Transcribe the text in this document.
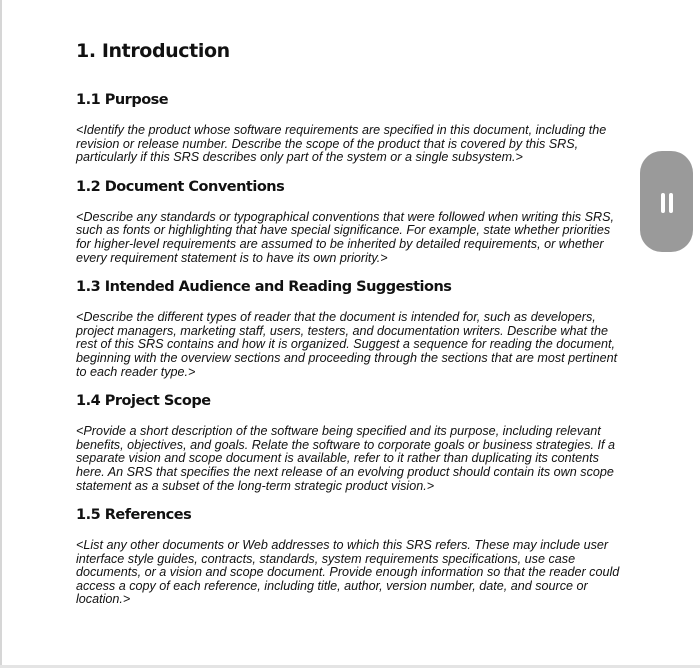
1. Introduction
1.1 Purpose

<Identify the product whose software requirements are specified in this document, including the revision or release number. Describe the scope of the product that is covered by this SRS, particularly if this SRS describes only part of the system or a single subsystem.>

1.2 Document Conventions

<Describe any standards or typographical conventions that were followed when writing this SRS, such as fonts or highlighting that have special significance. For example, state whether priorities for higher-level requirements are assumed to be inherited by detailed requirements, or whether every requirement statement is to have its own priority.>

1.3 Intended Audience and Reading Suggestions

<Describe the different types of reader that the document is intended for, such as developers, project managers, marketing staff, users, testers, and documentation writers. Describe what the rest of this SRS contains and how it is organized. Suggest a sequence for reading the document, beginning with the overview sections and proceeding through the sections that are most pertinent to each reader type.>

1.4 Project Scope

<Provide a short description of the software being specified and its purpose, including relevant benefits, objectives, and goals. Relate the software to corporate goals or business strategies. If a separate vision and scope document is available, refer to it rather than duplicating its contents here. An SRS that specifies the next release of an evolving product should contain its own scope statement as a subset of the long-term strategic product vision.>

1.5 References

<List any other documents or Web addresses to which this SRS refers. These may include user interface style guides, contracts, standards, system requirements specifications, use case documents, or a vision and scope document. Provide enough information so that the reader could access a copy of each reference, including title, author, version number, date, and source or location.>
